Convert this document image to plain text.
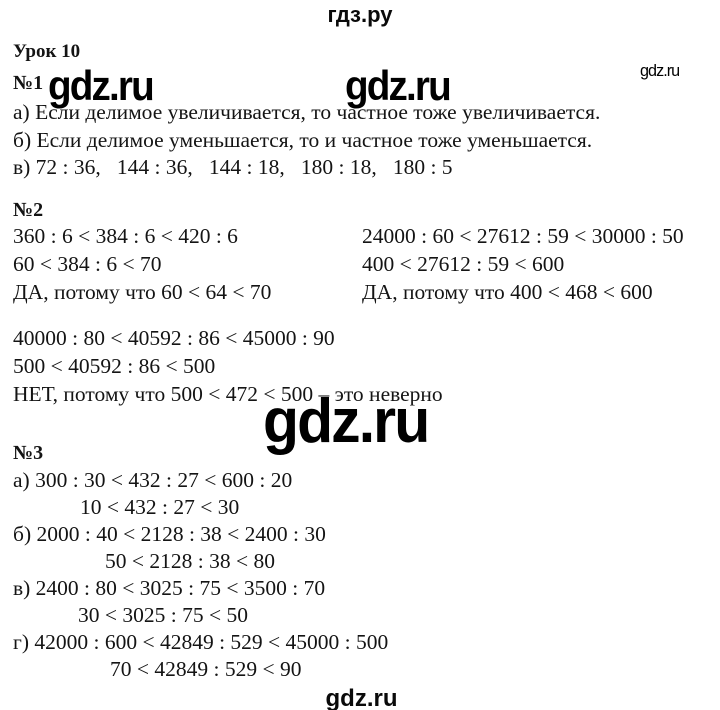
гдз.ру
Урок 10
№1 gdz.ru	gdz.ru	gdz.ru
а) Если делимое увеличивается, то частное тоже увеличивается.
б) Если делимое уменьшается, то и частное тоже уменьшается.
в) 72 : 36,   144 : 36,   144 : 18,   180 : 18,   180 : 5
№2
360 : 6 < 384 : 6 < 420 : 6
60 < 384 : 6 < 70
ДА, потому что 60 < 64 < 70
24000 : 60 < 27612 : 59 < 30000 : 50
400 < 27612 : 59 < 600
ДА, потому что 400 < 468 < 600
40000 : 80 < 40592 : 86 < 45000 : 90
500 < 40592 : 86 < 500
НЕТ, потому что 500 < 472 < 500 – это неверно
№3
а) 300 : 30 < 432 : 27 < 600 : 20
10 < 432 : 27 < 30
б) 2000 : 40 < 2128 : 38 < 2400 : 30
50 < 2128 : 38 < 80
в) 2400 : 80 < 3025 : 75 < 3500 : 70
30 < 3025 : 75 < 50
г) 42000 : 600 < 42849 : 529 < 45000 : 500
70 < 42849 : 529 < 90
gdz.ru
gdz.ru
